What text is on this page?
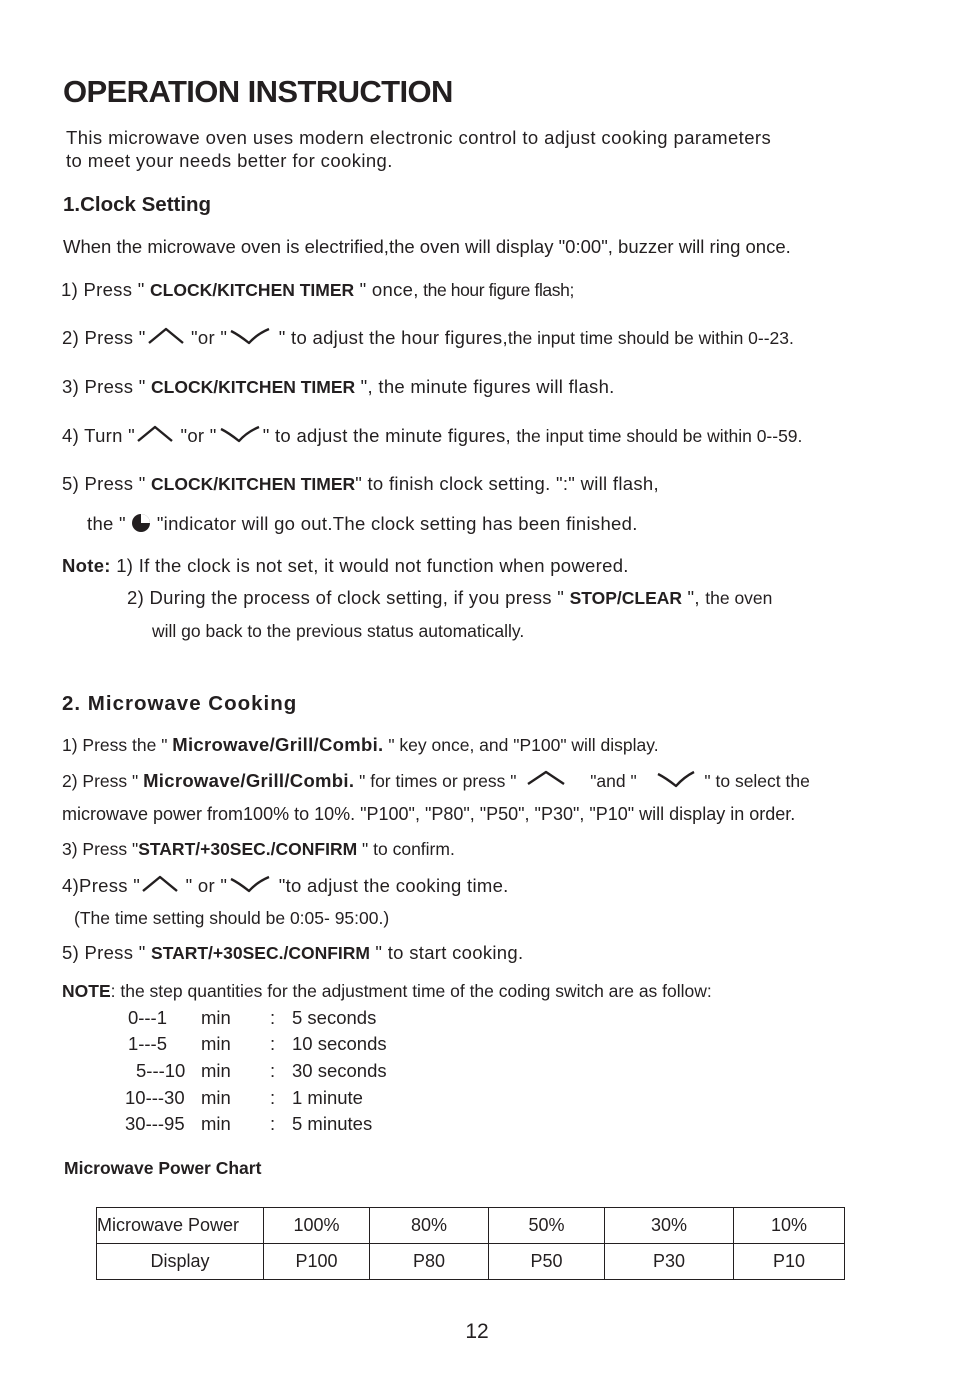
OPERATION INSTRUCTION

This microwave oven uses modern electronic control to adjust cooking parameters

to meet your needs better for cooking.

1.Clock Setting

When the microwave oven is electrified,the oven will display "0:00", buzzer will ring once.

1) Press " CLOCK/KITCHEN TIMER " once, the hour figure flash;

2) Press "
"or "
" to adjust the hour figures,the input time should be within 0--23.

3) Press " CLOCK/KITCHEN TIMER ", the minute figures will flash.

4) Turn "
"or " " to adjust the minute figures, the input time should be within 0--59.

5) Press " CLOCK/KITCHEN TIMER" to finish clock setting. ":" will flash,

the "
"indicator will go out.The clock setting has been finished.

Note: 1) If the clock is not set, it would not function when powered.

2) During the process of clock setting, if you press " STOP/CLEAR ", the oven

will go back to the previous status automatically.

2. Microwave Cooking

1) Press the " Microwave/Grill/Combi. " key once, and "P100" will display.

2) Press " Microwave/Grill/Combi. " for times or press "	"and "	" to select the

microwave power from100% to 10%. "P100", "P80", "P50", "P30", "P10" will display in order.

3) Press "START/+30SEC./CONFIRM " to confirm.

4)Press "
" or "
"to adjust the cooking time.

(The time setting should be 0:05- 95:00.)

5) Press " START/+30SEC./CONFIRM " to start cooking.

NOTE: the step quantities for the adjustment time of the coding switch are as follow:

0---1 min : 5 seconds
1---5 min : 10 seconds
5---10 min : 30 seconds
10---30 min : 1 minute
30---95 min : 5 minutes

Microwave Power Chart

Microwave Power	100%	80%	50%	30%	10%
Display	P100	P80	P50	P30	P10

12
